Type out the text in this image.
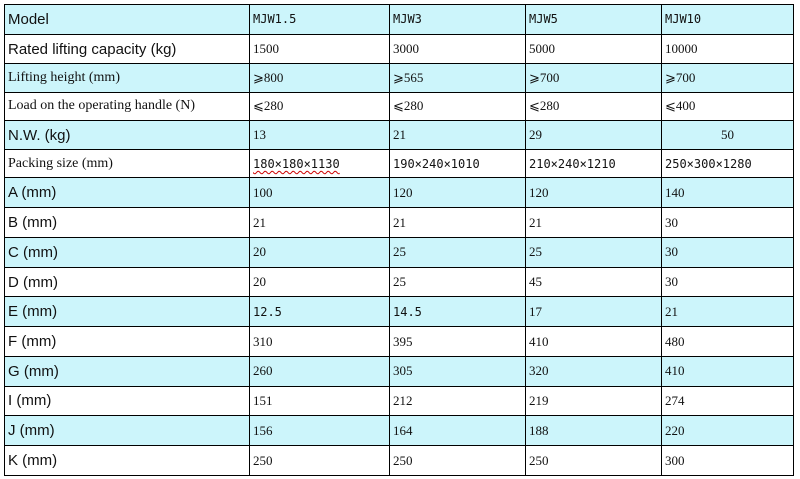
Model	MJW1.5	MJW3	MJW5	MJW10
Rated lifting capacity (kg)	1500	3000	5000	10000
Lifting height (mm)	⩾800	⩾565	⩾700	⩾700
Load on the operating handle (N)	⩽280	⩽280	⩽280	⩽400
N.W. (kg)	13	21	29	50
Packing size (mm)	180×180×1130	190×240×1010	210×240×1210	250×300×1280
A (mm)	100	120	120	140
B (mm)	21	21	21	30
C (mm)	20	25	25	30
D (mm)	20	25	45	30
E (mm)	12.5	14.5	17	21
F (mm)	310	395	410	480
G (mm)	260	305	320	410
I (mm)	151	212	219	274
J (mm)	156	164	188	220
K (mm)	250	250	250	300
